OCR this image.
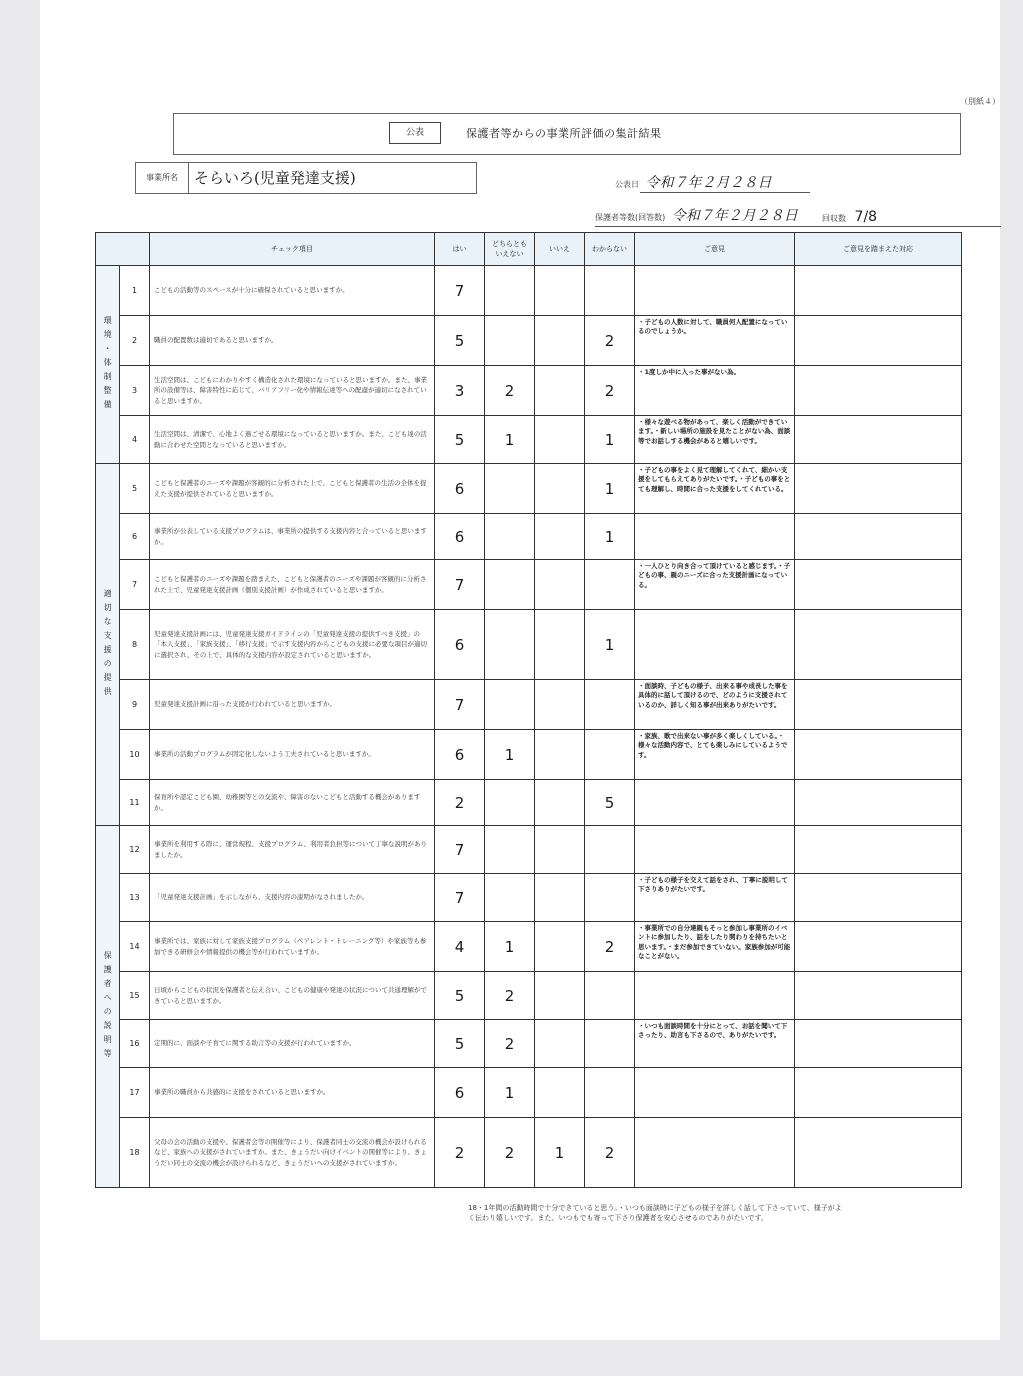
（別紙４）
公表	保護者等からの事業所評価の集計結果
事業所名	そらいろ(児童発達支援)	公表日 令和７年２月２８日
保護者等数(回答数) 令和７年２月２８日	回収数 7/8
18・1年間の活動時間で十分できていると思う。・いつも面談時に子どもの様子を詳しく話して下さっていて、様子がよく伝わり嬉しいです。また、いつもでも寄って下さり保護者を安心させるのでありがたいです。
		チェック項目	はい	どちらとも
いえない	いいえ	わからない	ご意見	ご意見を踏まえた対応

環境・体制整備	1	こどもの活動等のスペースが十分に確保されていると思いますか。	7					
	2	職員の配置数は適切であると思いますか。	5			2	・子どもの人数に対して、職員何人配置になっているのでしょうか。	
	3	生活空間は、こどもにわかりやすく構造化された環境になっていると思いますか。また、事業所の設備等は、障害特性に応じて、バリアフリー化や情報伝達等への配慮が適切になされていると思いますか。	3	2		2	・1度しか中に入った事がない為。	
	4	生活空間は、清潔で、心地よく過ごせる環境になっていると思いますか。また、こども達の活動に合わせた空間となっていると思いますか。	5	1		1	・様々な遊べる物があって、楽しく活動ができています。・新しい場所の施設を見たことがない為、面談等でお話しする機会があると嬉しいです。	

適切な支援の提供	5	こどもと保護者のニーズや課題が客観的に分析された上で、こどもと保護者の生活の全体を捉えた支援が提供されていると思いますか。	6			1	・子どもの事をよく見て理解してくれて、細かい支援をしてもらえてありがたいです。・子どもの事をとても理解し、時間に合った支援をしてくれている。	
	6	事業所が公表している支援プログラムは、事業所の提供する支援内容と合っていると思いますか。	6			1		
	7	こどもと保護者のニーズや課題を踏まえた、こどもと保護者のニーズや課題が客観的に分析された上で、児童発達支援計画（個別支援計画）が作成されていると思いますか。	7				・一人ひとり向き合って頂けていると感じます。・子どもの事、親のニーズに合った支援計画になっている。	
	8	児童発達支援計画には、児童発達支援ガイドラインの「児童発達支援の提供すべき支援」の「本人支援」、「家族支援」、「移行支援」で示す支援内容からこどもの支援に必要な項目が適切に選択され、その上で、具体的な支援内容が設定されていると思いますか。	6			1		
	9	児童発達支援計画に沿った支援が行われていると思いますか。	7				・面談時、子どもの様子、出来る事や成長した事を具体的に話して頂けるので、どのように支援されているのか、詳しく知る事が出来ありがたいです。	
	10	事業所の活動プログラムが固定化しないよう工夫されていると思いますか。	6	1			・家族、歌で出来ない事が多く楽しくしている。・様々な活動内容で、とても楽しみにしているようです。	
	11	保育所や認定こども園、幼稚園等との交流や、障害のないこどもと活動する機会がありますか。	2			5		

保護者への説明等	12	事業所を利用する際に、運営規程、支援プログラム、利用者負担等について丁寧な説明がありましたか。	7					
	13	「児童発達支援計画」を示しながら、支援内容の説明がなされましたか。	7				・子どもの様子を交えて話をされ、丁寧に説明して下さりありがたいです。	
	14	事業所では、家族に対して家族支援プログラム（ペアレント・トレーニング等）や家族等も参加できる研修会や情報提供の機会等が行われていますか。	4	1		2	・事業所での自分達親もそっと参加し事業所のイベントに参加したり、話をしたり関わりを持ちたいと思います。・まだ参加できていない。家族参加が可能なことがない。	
	15	日頃からこどもの状況を保護者と伝え合い、こどもの健康や発達の状況について共通理解ができていると思いますか。	5	2				
	16	定期的に、面談や子育てに関する助言等の支援が行われていますか。	5	2			・いつも面談時間を十分にとって、お話を聞いて下さったり、助言も下さるので、ありがたいです。	
	17	事業所の職員から共感的に支援をされていると思いますか。	6	1				
	18	父母の会の活動の支援や、保護者会等の開催等により、保護者同士の交流の機会が設けられるなど、家族への支援がされていますか。また、きょうだい向けイベントの開催等により、きょうだい同士の交流の機会が設けられるなど、きょうだいへの支援がされていますか。	2	2	1	2		
